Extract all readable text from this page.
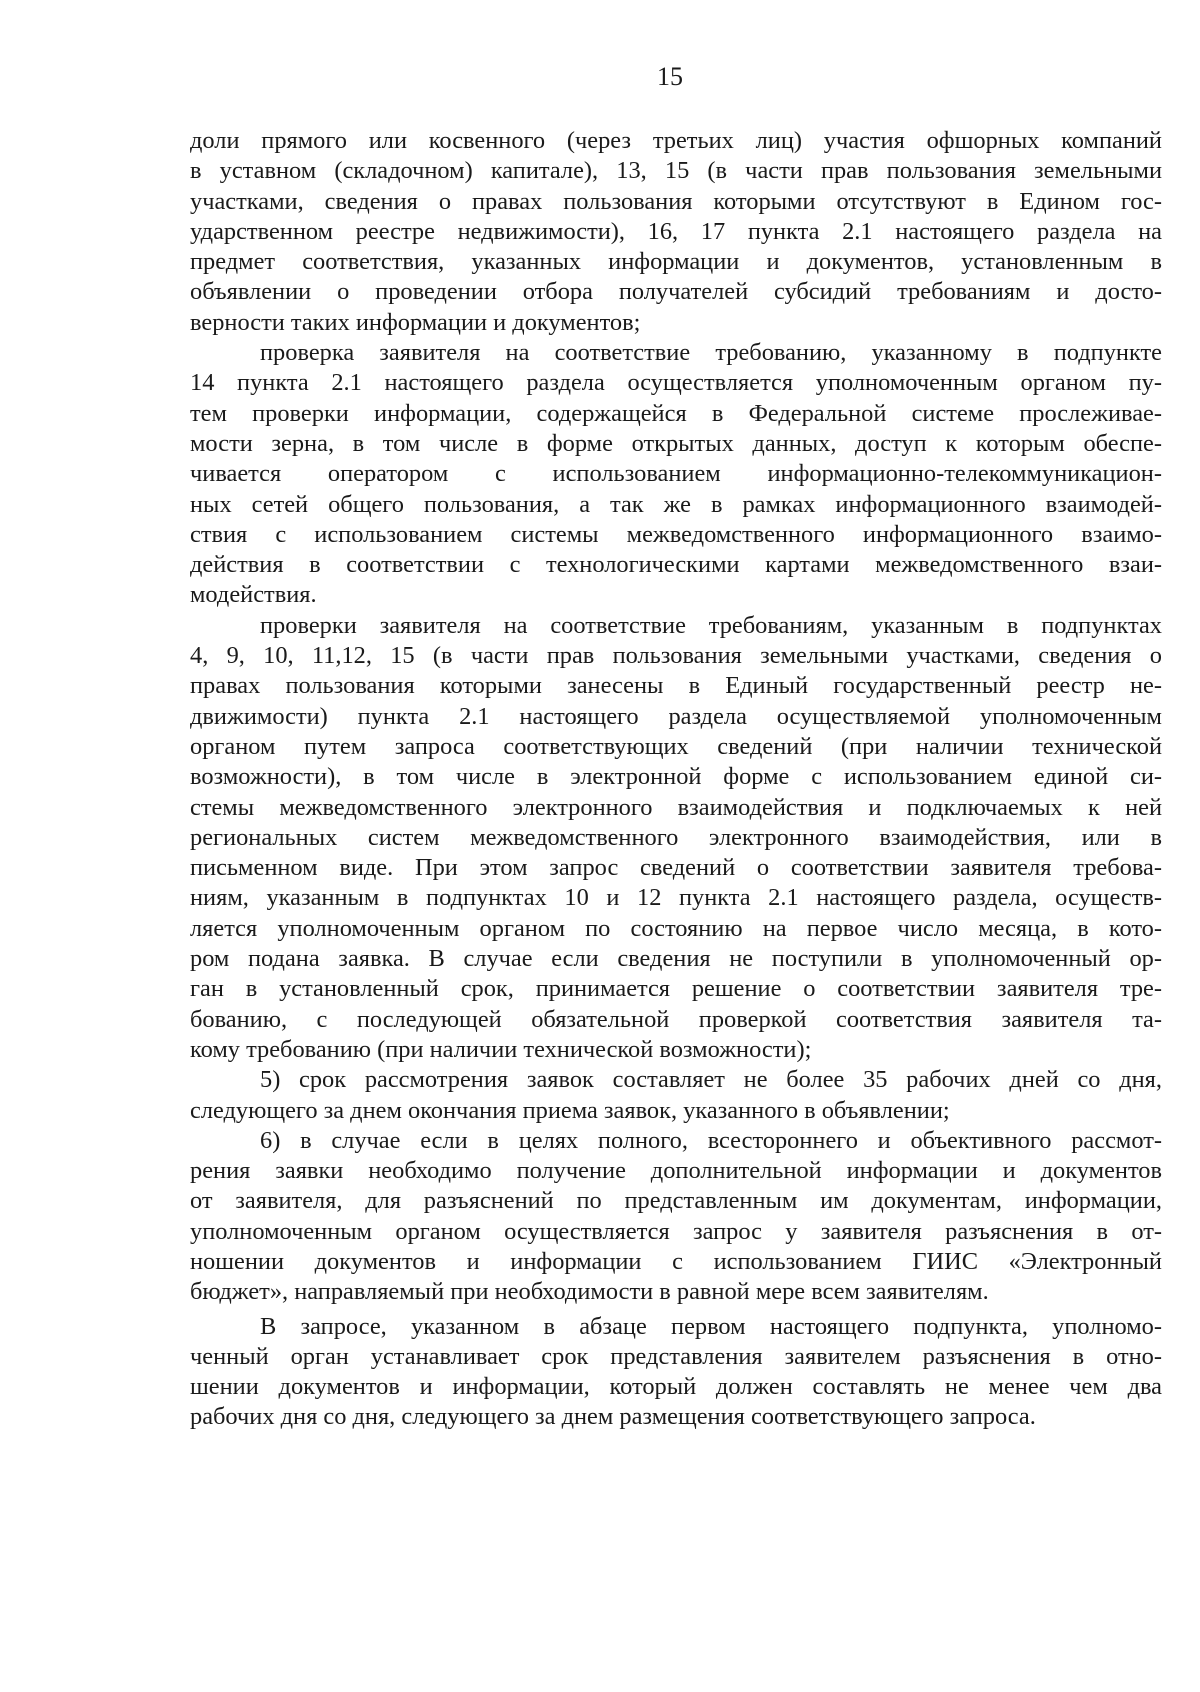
15

доли прямого или косвенного (через третьих лиц) участия офшорных компаний
в уставном (складочном) капитале), 13, 15 (в части прав пользования земельными
участками, сведения о правах пользования которыми отсутствуют в Едином гос-
ударственном реестре недвижимости), 16, 17 пункта 2.1 настоящего раздела на
предмет соответствия, указанных информации и документов, установленным в
объявлении о проведении отбора получателей субсидий требованиям и досто-
верности таких информации и документов;

проверка заявителя на соответствие требованию, указанному в подпункте
14 пункта 2.1 настоящего раздела осуществляется уполномоченным органом пу-
тем проверки информации, содержащейся в Федеральной системе прослеживае-
мости зерна, в том числе в форме открытых данных, доступ к которым обеспе-
чивается оператором с использованием информационно-телекоммуникацион-
ных сетей общего пользования, а так же в рамках информационного взаимодей-
ствия с использованием системы межведомственного информационного взаимо-
действия в соответствии с технологическими картами межведомственного взаи-
модействия.

проверки заявителя на соответствие требованиям, указанным в подпунктах
4, 9, 10, 11,12, 15 (в части прав пользования земельными участками, сведения о
правах пользования которыми занесены в Единый государственный реестр не-
движимости) пункта 2.1 настоящего раздела осуществляемой уполномоченным
органом путем запроса соответствующих сведений (при наличии технической
возможности), в том числе в электронной форме с использованием единой си-
стемы межведомственного электронного взаимодействия и подключаемых к ней
региональных систем межведомственного электронного взаимодействия, или в
письменном виде. При этом запрос сведений о соответствии заявителя требова-
ниям, указанным в подпунктах 10 и 12 пункта 2.1 настоящего раздела, осуществ-
ляется уполномоченным органом по состоянию на первое число месяца, в кото-
ром подана заявка. В случае если сведения не поступили в уполномоченный ор-
ган в установленный срок, принимается решение о соответствии заявителя тре-
бованию, с последующей обязательной проверкой соответствия заявителя та-
кому требованию (при наличии технической возможности);

5) срок рассмотрения заявок составляет не более 35 рабочих дней со дня,
следующего за днем окончания приема заявок, указанного в объявлении;

6) в случае если в целях полного, всестороннего и объективного рассмот-
рения заявки необходимо получение дополнительной информации и документов
от заявителя, для разъяснений по представленным им документам, информации,
уполномоченным органом осуществляется запрос у заявителя разъяснения в от-
ношении документов и информации с использованием ГИИС «Электронный
бюджет», направляемый при необходимости в равной мере всем заявителям.

В запросе, указанном в абзаце первом настоящего подпункта, уполномо-
ченный орган устанавливает срок представления заявителем разъяснения в отно-
шении документов и информации, который должен составлять не менее чем два
рабочих дня со дня, следующего за днем размещения соответствующего запроса.
